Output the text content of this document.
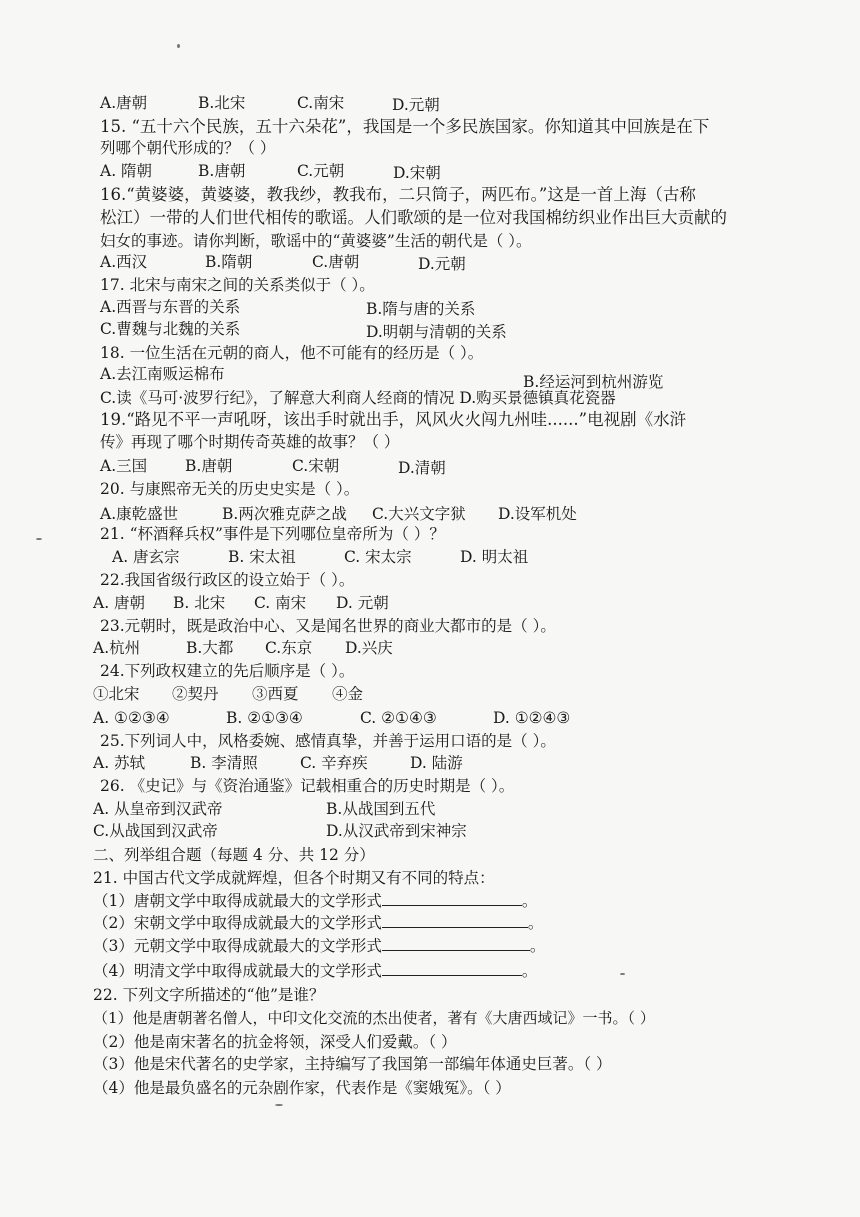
A.唐朝	B.北宋	C.南宋	D.元朝
15. “五十六个民族，五十六朵花”，我国是一个多民族国家。你知道其中回族是在下
列哪个朝代形成的？（ ）
A. 隋朝	B.唐朝	C.元朝	D.宋朝
16.“黄婆婆，黄婆婆，教我纱，教我布，二只筒子，两匹布。”这是一首上海（古称
松江）一带的人们世代相传的歌谣。人们歌颂的是一位对我国棉纺织业作出巨大贡献的
妇女的事迹。请你判断，歌谣中的“黄婆婆”生活的朝代是（ ）。
A.西汉	B.隋朝	C.唐朝	D.元朝
17. 北宋与南宋之间的关系类似于（ ）。
A.西晋与东晋的关系	B.隋与唐的关系
C.曹魏与北魏的关系	D.明朝与清朝的关系
18. 一位生活在元朝的商人，他不可能有的经历是（ ）。
A.去江南贩运棉布	B.经运河到杭州游览
C.读《马可·波罗行纪》，了解意大利商人经商的情况 D.购买景德镇真花瓷器
19.“路见不平一声吼呀，该出手时就出手，风风火火闯九州哇......”电视剧《水浒
传》再现了哪个时期传奇英雄的故事？（ ）
A.三国 B.唐朝	C.宋朝	D.清朝
20. 与康熙帝无关的历史史实是（ ）。
A.康乾盛世	B.两次雅克萨之战 C.大兴文字狱 D.设军机处
21. “杯酒释兵权”事件是下列哪位皇帝所为（ ）？
A. 唐玄宗	B. 宋太祖	C. 宋太宗	D. 明太祖
22.我国省级行政区的设立始于（ ）。
A. 唐朝 B. 北宋 C. 南宋 D. 元朝
23.元朝时，既是政治中心、又是闻名世界的商业大都市的是（ ）。
A.杭州	B.大都 C.东京 D.兴庆
24.下列政权建立的先后顺序是（ ）。
①北宋 ②契丹 ③西夏 ④金
A. ①②③④	B. ②①③④	C. ②①④③	D. ①②④③
25.下列词人中，风格委婉、感情真挚，并善于运用口语的是（ ）。
A. 苏轼	B. 李清照	C. 辛弃疾	D. 陆游
26. 《史记》与《资治通鉴》记载相重合的历史时期是（ ）。
A. 从皇帝到汉武帝	B.从战国到五代
C.从战国到汉武帝	D.从汉武帝到宋神宗
二、列举组合题（每题 4 分、共 12 分）
21. 中国古代文学成就辉煌，但各个时期又有不同的特点：
（1）唐朝文学中取得成就最大的文学形式	。
（2）宋朝文学中取得成就最大的文学形式	。
（3）元朝文学中取得成就最大的文学形式	。
（4）明清文学中取得成就最大的文学形式	。
22. 下列文字所描述的“他”是谁？
（1）他是唐朝著名僧人，中印文化交流的杰出使者，著有《大唐西域记》一书。（ ）
（2）他是南宋著名的抗金将领，深受人们爱戴。（ ）
（3）他是宋代著名的史学家，主持编写了我国第一部编年体通史巨著。（ ）
（4）他是最负盛名的元杂剧作家，代表作是《窦娥冤》。（ ）
